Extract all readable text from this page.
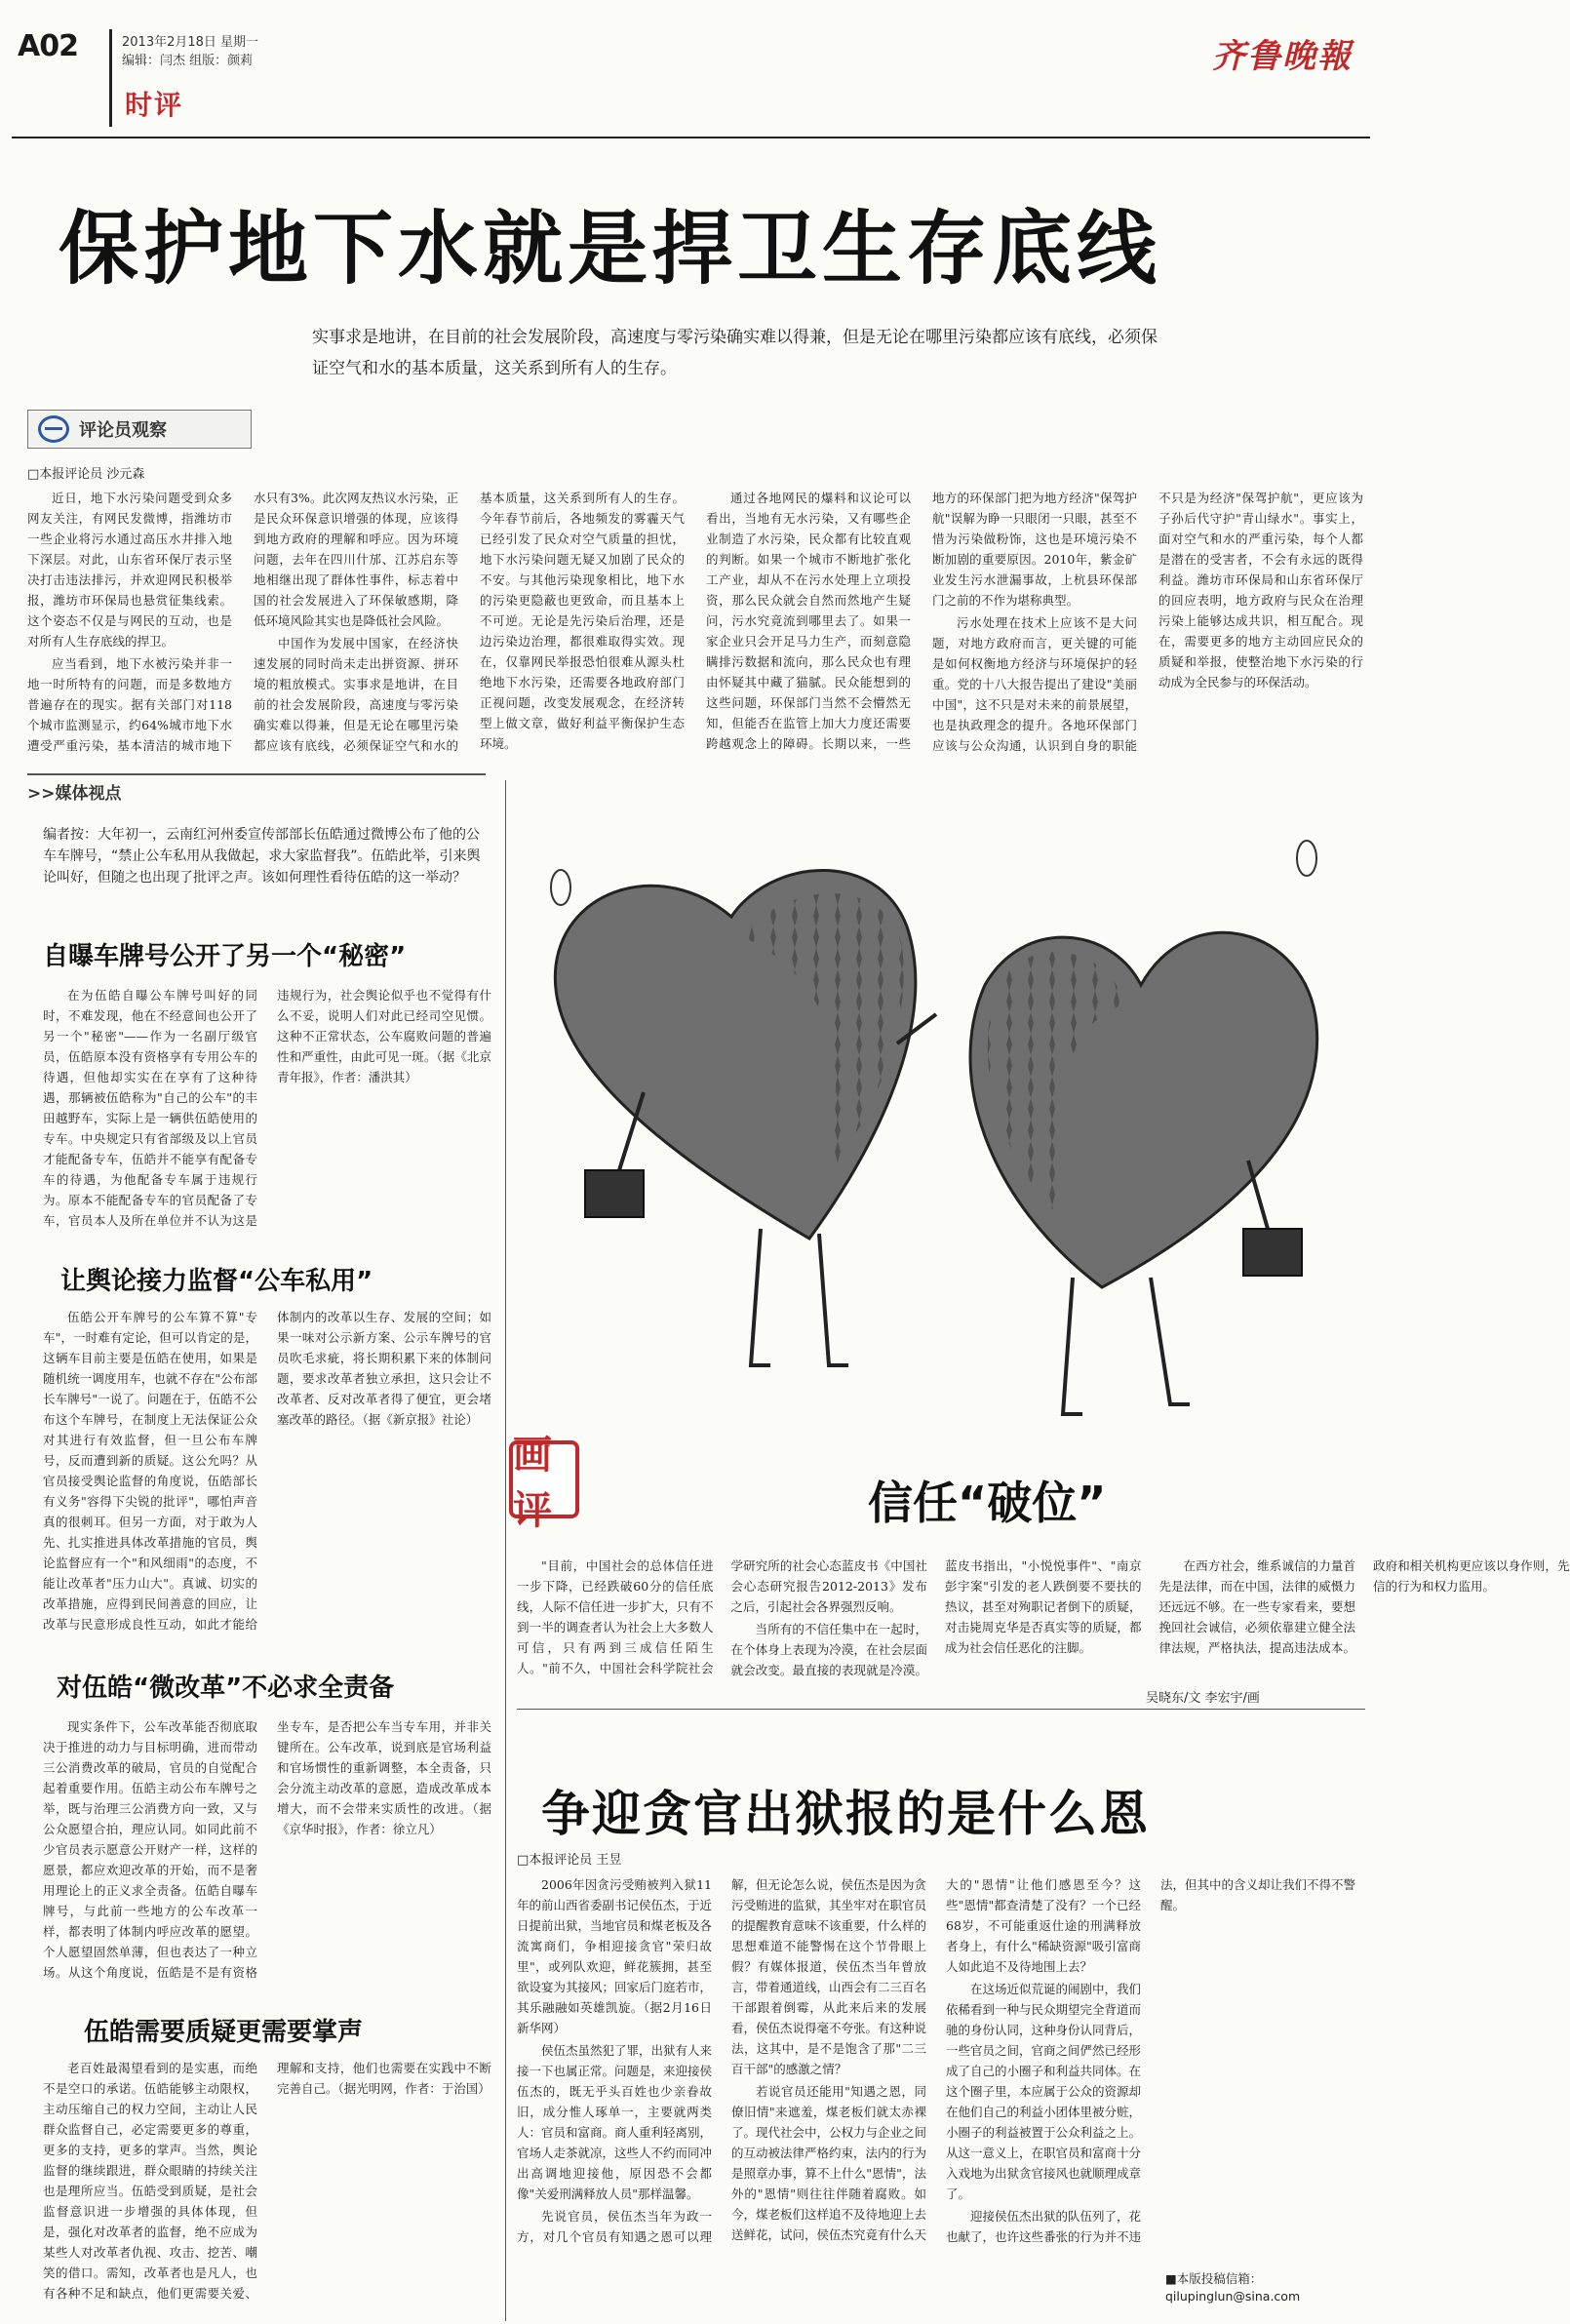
A02	2013年2月18日 星期一
编辑：闫杰 组版：颜莉
时评
齐鲁晚報
保护地下水就是捍卫生存底线
实事求是地讲，在目前的社会发展阶段，高速度与零污染确实难以得兼，但是无论在哪里污染都应该有底线，必须保证空气和水的基本质量，这关系到所有人的生存。
评论员观察
□本报评论员 沙元森

近日，地下水污染问题受到众多网友关注，有网民发微博，指潍坊市一些企业将污水通过高压水井排入地下深层。对此，山东省环保厅表示坚决打击违法排污，并欢迎网民积极举报，潍坊市环保局也悬赏征集线索。这个姿态不仅是与网民的互动，也是对所有人生存底线的捍卫。

应当看到，地下水被污染并非一地一时所特有的问题，而是多数地方普遍存在的现实。据有关部门对118个城市监测显示，约64%城市地下水遭受严重污染，基本清洁的城市地下水只有3%。此次网友热议水污染，正是民众环保意识增强的体现，应该得到地方政府的理解和呼应。因为环境问题，去年在四川什邡、江苏启东等地相继出现了群体性事件，标志着中国的社会发展进入了环保敏感期，降低环境风险其实也是降低社会风险。

中国作为发展中国家，在经济快速发展的同时尚未走出拼资源、拼环境的粗放模式。实事求是地讲，在目前的社会发展阶段，高速度与零污染确实难以得兼，但是无论在哪里污染都应该有底线，必须保证空气和水的基本质量，这关系到所有人的生存。今年春节前后，各地频发的雾霾天气已经引发了民众对空气质量的担忧，地下水污染问题无疑又加剧了民众的不安。与其他污染现象相比，地下水的污染更隐蔽也更致命，而且基本上不可逆。无论是先污染后治理，还是边污染边治理，都很难取得实效。现在，仅靠网民举报恐怕很难从源头杜绝地下水污染，还需要各地政府部门正视问题，改变发展观念，在经济转型上做文章，做好利益平衡保护生态环境。

通过各地网民的爆料和议论可以看出，当地有无水污染，又有哪些企业制造了水污染，民众都有比较直观的判断。如果一个城市不断地扩张化工产业，却从不在污水处理上立项投资，那么民众就会自然而然地产生疑问，污水究竟流到哪里去了。如果一家企业只会开足马力生产，而刻意隐瞒排污数据和流向，那么民众也有理由怀疑其中藏了猫腻。民众能想到的这些问题，环保部门当然不会懵然无知，但能否在监管上加大力度还需要跨越观念上的障碍。长期以来，一些地方的环保部门把为地方经济"保驾护航"误解为睁一只眼闭一只眼，甚至不惜为污染做粉饰，这也是环境污染不断加剧的重要原因。2010年，紫金矿业发生污水泄漏事故，上杭县环保部门之前的不作为堪称典型。

污水处理在技术上应该不是大问题，对地方政府而言，更关键的可能是如何权衡地方经济与环境保护的轻重。党的十八大报告提出了建设"美丽中国"，这不只是对未来的前景展望，也是执政理念的提升。各地环保部门应该与公众沟通，认识到自身的职能不只是为经济"保驾护航"，更应该为子孙后代守护"青山绿水"。事实上，面对空气和水的严重污染，每个人都是潜在的受害者，不会有永远的既得利益。潍坊市环保局和山东省环保厅的回应表明，地方政府与民众在治理污染上能够达成共识，相互配合。现在，需要更多的地方主动回应民众的质疑和举报，使整治地下水污染的行动成为全民参与的环保活动。

>>媒体视点
编者按：大年初一，云南红河州委宣传部部长伍皓通过微博公布了他的公车车牌号，“禁止公车私用从我做起，求大家监督我”。伍皓此举，引来舆论叫好，但随之也出现了批评之声。该如何理性看待伍皓的这一举动？
自曝车牌号公开了另一个“秘密”

在为伍皓自曝公车牌号叫好的同时，不难发现，他在不经意间也公开了另一个"秘密"——作为一名副厅级官员，伍皓原本没有资格享有专用公车的待遇，但他却实实在在享有了这种待遇，那辆被伍皓称为"自己的公车"的丰田越野车，实际上是一辆供伍皓使用的专车。中央规定只有省部级及以上官员才能配备专车，伍皓并不能享有配备专车的待遇，为他配备专车属于违规行为。原本不能配备专车的官员配备了专车，官员本人及所在单位并不认为这是违规行为，社会舆论似乎也不觉得有什么不妥，说明人们对此已经司空见惯。这种不正常状态，公车腐败问题的普遍性和严重性，由此可见一斑。（据《北京青年报》，作者：潘洪其）

让舆论接力监督“公车私用”

伍皓公开车牌号的公车算不算"专车"，一时难有定论，但可以肯定的是，这辆车目前主要是伍皓在使用，如果是随机统一调度用车，也就不存在"公布部长车牌号"一说了。问题在于，伍皓不公布这个车牌号，在制度上无法保证公众对其进行有效监督，但一旦公布车牌号，反而遭到新的质疑。这公允吗？从官员接受舆论监督的角度说，伍皓部长有义务"容得下尖锐的批评"，哪怕声音真的很刺耳。但另一方面，对于敢为人先、扎实推进具体改革措施的官员，舆论监督应有一个"和风细雨"的态度，不能让改革者"压力山大"。真诚、切实的改革措施，应得到民间善意的回应，让改革与民意形成良性互动，如此才能给体制内的改革以生存、发展的空间；如果一味对公示新方案、公示车牌号的官员吹毛求疵，将长期积累下来的体制问题，要求改革者独立承担，这只会让不改革者、反对改革者得了便宜，更会堵塞改革的路径。（据《新京报》社论）

对伍皓“微改革”不必求全责备

现实条件下，公车改革能否彻底取决于推进的动力与目标明确，进而带动三公消费改革的破局，官员的自觉配合起着重要作用。伍皓主动公布车牌号之举，既与治理三公消费方向一致，又与公众愿望合拍，理应认同。如同此前不少官员表示愿意公开财产一样，这样的愿景，都应欢迎改革的开始，而不是奢用理论上的正义求全责备。伍皓自曝车牌号，与此前一些地方的公车改革一样，都表明了体制内呼应改革的愿望。个人愿望固然单薄，但也表达了一种立场。从这个角度说，伍皓是不是有资格坐专车，是否把公车当专车用，并非关键所在。公车改革，说到底是官场利益和官场惯性的重新调整，本全责备，只会分流主动改革的意愿，造成改革成本增大，而不会带来实质性的改进。（据《京华时报》，作者：徐立凡）

伍皓需要质疑更需要掌声

老百姓最渴望看到的是实惠，而绝不是空口的承诺。伍皓能够主动限权，主动压缩自己的权力空间，主动让人民群众监督自己，必定需要更多的尊重，更多的支持，更多的掌声。当然，舆论监督的继续跟进，群众眼睛的持续关注也是理所应当。伍皓受到质疑，是社会监督意识进一步增强的具体体现，但是，强化对改革者的监督，绝不应成为某些人对改革者仇视、攻击、挖苦、嘲笑的借口。需知，改革者也是凡人，也有各种不足和缺点，他们更需要关爱、理解和支持，他们也需要在实践中不断完善自己。（据光明网，作者：于治国）

画评	信任“破位”

"目前，中国社会的总体信任进一步下降，已经跌破60分的信任底线，人际不信任进一步扩大，只有不到一半的调查者认为社会上大多数人可信，只有两到三成信任陌生人。"前不久，中国社会科学院社会学研究所的社会心态蓝皮书《中国社会心态研究报告2012-2013》发布之后，引起社会各界强烈反响。

当所有的不信任集中在一起时，在个体身上表现为冷漠，在社会层面就会改变。最直接的表现就是冷漠。蓝皮书指出，"小悦悦事件"、"南京彭宇案"引发的老人跌倒要不要扶的热议，甚至对殉职记者倒下的质疑，对击毙周克华是否真实等的质疑，都成为社会信任恶化的注脚。

在西方社会，维系诚信的力量首先是法律，而在中国，法律的威慑力还远远不够。在一些专家看来，要想挽回社会诚信，必须依靠建立健全法律法规，严格执法，提高违法成本。政府和相关机构更应该以身作则，先信的行为和权力监用。

吴晓东/文 李宏宇/画
争迎贪官出狱报的是什么恩
□本报评论员 王昱

2006年因贪污受贿被判入狱11年的前山西省委副书记侯伍杰，于近日提前出狱，当地官员和煤老板及各流寓商们，争相迎接贪官"荣归故里"，或列队欢迎，鲜花簇拥，甚至欲设宴为其接风；回家后门庭若市，其乐融融如英雄凯旋。（据2月16日新华网）

侯伍杰虽然犯了罪，出狱有人来接一下也属正常。问题是，来迎接侯伍杰的，既无乎头百姓也少亲眷故旧，成分惟人琢单一，主要就两类人：官员和富商。商人重利轻离别，官场人走茶就凉，这些人不约而同冲出高调地迎接他，原因恐不会都像"关爱刑满释放人员"那样温馨。

先说官员，侯伍杰当年为政一方，对几个官员有知遇之恩可以理解，但无论怎么说，侯伍杰是因为贪污受贿进的监狱，其坐牢对在职官员的提醒教育意味不该重要，什么样的思想难道不能警惕在这个节骨眼上假？有媒体报道，侯伍杰当年曾放言，带着通道线，山西会有二三百名干部跟着倒霉，从此来后来的发展看，侯伍杰说得毫不夸张。有这种说法，这其中，是不是饱含了那"二三百干部"的感激之情？

若说官员还能用"知遇之恩，同僚旧情"来遮羞，煤老板们就太赤裸了。现代社会中，公权力与企业之间的互动被法律严格约束，法内的行为是照章办事，算不上什么"恩情"，法外的"恩情"则往往伴随着腐败。如今，煤老板们这样追不及待地迎上去送鲜花，试问，侯伍杰究竟有什么天大的"恩情"让他们感恩至今？这些"恩情"都查清楚了没有？一个已经68岁，不可能重返仕途的刑满释放者身上，有什么"稀缺资源"吸引富商人如此追不及待地围上去？

在这场近似荒诞的闹剧中，我们依稀看到一种与民众期望完全背道而驰的身份认同，这种身份认同背后，一些官员之间，官商之间俨然已经形成了自己的小圈子和利益共同体。在这个圈子里，本应属于公众的资源却在他们自己的利益小团体里被分赃，小圈子的利益被置于公众利益之上。从这一意义上，在职官员和富商十分入戏地为出狱贪官接风也就顺理成章了。

迎接侯伍杰出狱的队伍列了，花也献了，也许这些番张的行为并不违法，但其中的含义却让我们不得不警醒。

■本版投稿信箱：
qilupinglun@sina.com
